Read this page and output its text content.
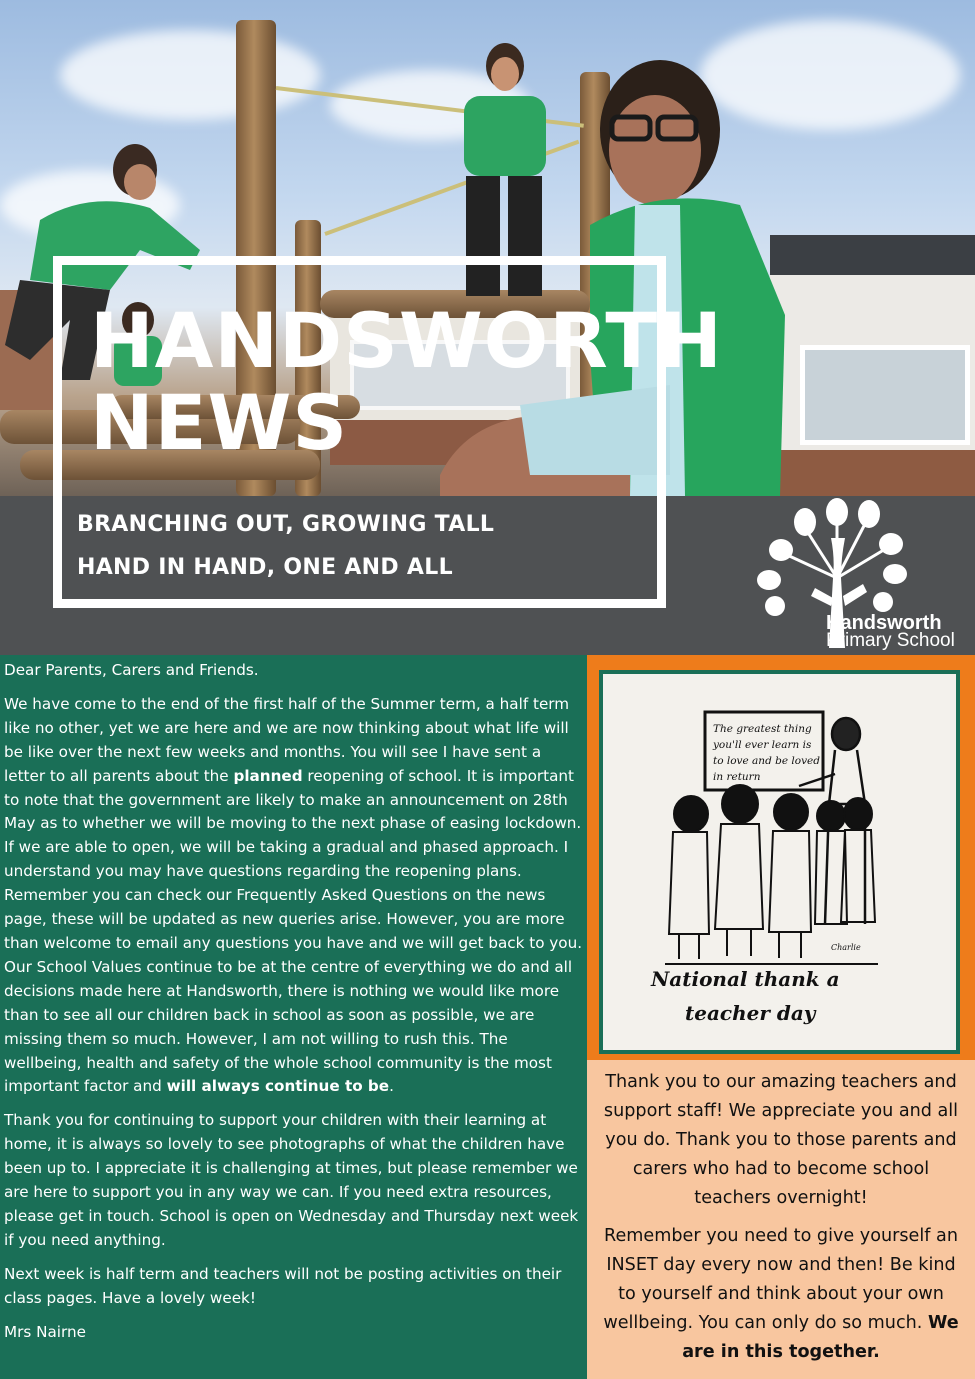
HANDSWORTH
NEWS
BRANCHING OUT, GROWING TALL
HAND IN HAND, ONE AND ALL
Handsworth
Primary School

Dear Parents, Carers and Friends.

We have come to the end of the first half of the Summer term, a half term like no other, yet we are here and we are now thinking about what life will be like over the next few weeks and months. You will see I have sent a letter to all parents about the planned reopening of school. It is important to note that the government are likely to make an announcement on 28th May as to whether we will be moving to the next phase of easing lockdown. If we are able to open, we will be taking a gradual and phased approach. I understand you may have questions regarding the reopening plans. Remember you can check our Frequently Asked Questions on the news page, these will be updated as new queries arise. However, you are more than welcome to email any questions you have and we will get back to you. Our School Values continue to be at the centre of everything we do and all decisions made here at Handsworth, there is nothing we would like more than to see all our children back in school as soon as possible, we are missing them so much. However, I am not willing to rush this. The wellbeing, health and safety of the whole school community is the most important factor and will always continue to be.

Thank you for continuing to support your children with their learning at home, it is always so lovely to see photographs of what the children have been up to. I appreciate it is challenging at times, but please remember we are here to support you in any way we can. If you need extra resources, please get in touch. School is open on Wednesday and Thursday next week if you need anything.

Next week is half term and teachers will not be posting activities on their class pages. Have a lovely week!

Mrs Nairne

The greatest thing
you'll ever learn is
to love and be loved
in return
Charlie
National thank a
teacher day

Thank you to our amazing teachers and support staff! We appreciate you and all you do. Thank you to those parents and carers who had to become school teachers overnight!

Remember you need to give yourself an INSET day every now and then! Be kind to yourself and think about your own wellbeing. You can only do so much. We are in this together.
